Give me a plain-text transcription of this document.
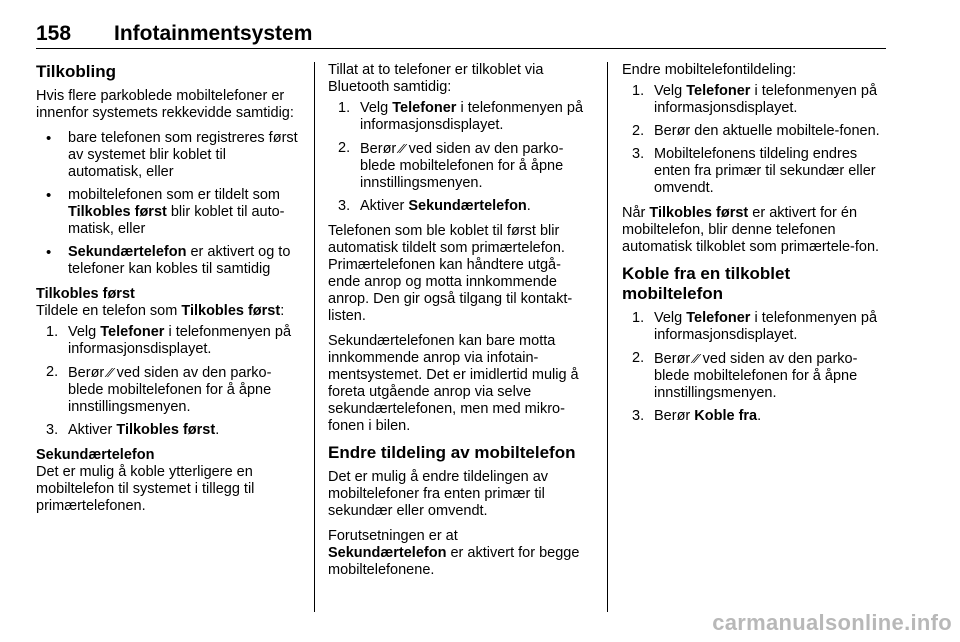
158	Infotainmentsystem
Tilkobling

Hvis flere parkoblede mobiltelefoner er innenfor systemets rekkevidde samtidig:

• bare telefonen som registreres først av systemet blir koblet til automatisk, eller
• mobiltelefonen som er tildelt som Tilkobles først blir koblet til auto-matisk, eller
• Sekundærtelefon er aktivert og to telefoner kan kobles til samtidig
Tilkobles først

Tildele en telefon som Tilkobles først:

1. Velg Telefoner i telefonmenyen på informasjonsdisplayet.
2. Berør ⁄⁄ ved siden av den parko-blede mobiltelefonen for å åpne innstillingsmenyen.
3. Aktiver Tilkobles først.
Sekundærtelefon

Det er mulig å koble ytterligere en mobiltelefon til systemet i tillegg til primærtelefonen.

Tillat at to telefoner er tilkoblet via Bluetooth samtidig:

1. Velg Telefoner i telefonmenyen på informasjonsdisplayet.
2. Berør ⁄⁄ ved siden av den parko-blede mobiltelefonen for å åpne innstillingsmenyen.
3. Aktiver Sekundærtelefon.

Telefonen som ble koblet til først blir automatisk tildelt som primærtelefon. Primærtelefonen kan håndtere utgå-ende anrop og motta innkommende anrop. Den gir også tilgang til kontakt-listen.

Sekundærtelefonen kan bare motta innkommende anrop via infotain-mentsystemet. Det er imidlertid mulig å foreta utgående anrop via selve sekundærtelefonen, men med mikro-fonen i bilen.

Endre tildeling av mobiltelefon

Det er mulig å endre tildelingen av mobiltelefoner fra enten primær til sekundær eller omvendt.

Forutsetningen er at
Sekundærtelefon er aktivert for begge mobiltelefonene.

Endre mobiltelefontildeling:

1. Velg Telefoner i telefonmenyen på informasjonsdisplayet.
2. Berør den aktuelle mobiltele-fonen.
3. Mobiltelefonens tildeling endres enten fra primær til sekundær eller omvendt.

Når Tilkobles først er aktivert for én mobiltelefon, blir denne telefonen automatisk tilkoblet som primærtele-fon.

Koble fra en tilkoblet mobiltelefon
1. Velg Telefoner i telefonmenyen på informasjonsdisplayet.
2. Berør ⁄⁄ ved siden av den parko-blede mobiltelefonen for å åpne innstillingsmenyen.
3. Berør Koble fra.
carmanualsonline.info
